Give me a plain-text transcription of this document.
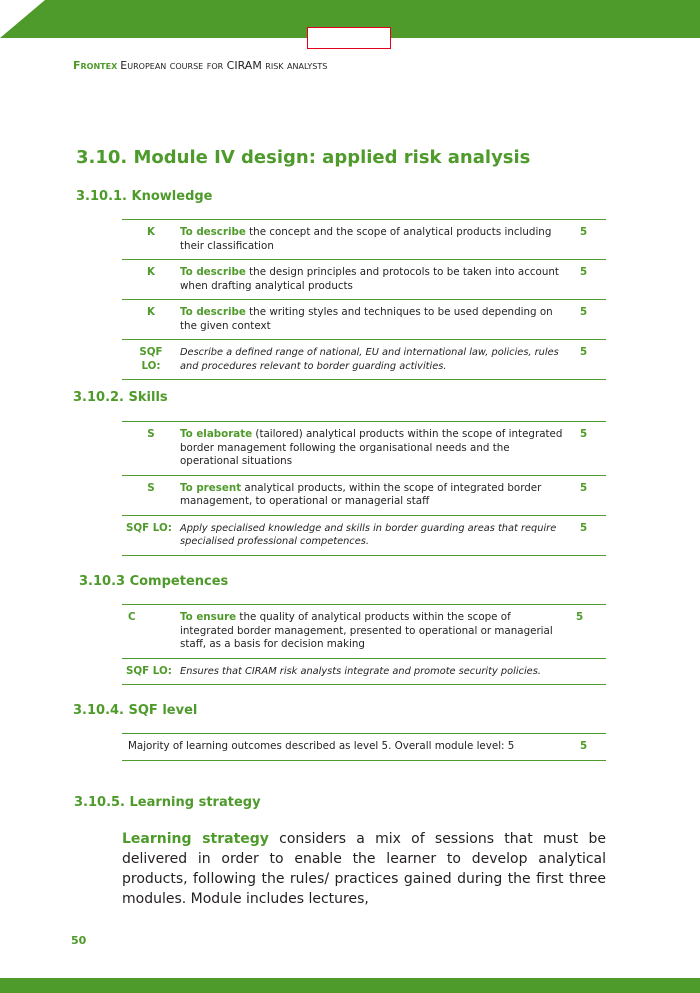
Frontex European course for CIRAM risk analysts
3.10. Module IV design: applied risk analysis
3.10.1. Knowledge
K	To describe the concept and the scope of analytical products including their classification	5
K	To describe the design principles and protocols to be taken into account when drafting analytical products	5
K	To describe the writing styles and techniques to be used depending on the given context	5
SQF LO:	Describe a defined range of national, EU and international law, policies, rules and procedures relevant to border guarding activities.	5
3.10.2. Skills
S	To elaborate (tailored) analytical products within the scope of integrated border management following the organisational needs and the operational situations	5
S	To present analytical products, within the scope of integrated border management, to operational or managerial staff	5
SQF LO:	Apply specialised knowledge and skills in border guarding areas that require specialised professional competences.	5
3.10.3 Competences
C	To ensure the quality of analytical products within the scope of integrated border management, presented to operational or managerial staff, as a basis for decision making	5
SQF LO:	Ensures that CIRAM risk analysts integrate and promote security policies.	
3.10.4. SQF level
Majority of learning outcomes described as level 5. Overall module level: 5	5
3.10.5. Learning strategy
Learning strategy considers a mix of sessions that must be delivered in order to enable the learner to develop analytical products, following the rules/ practices gained during the first three modules. Module includes lectures,
50
